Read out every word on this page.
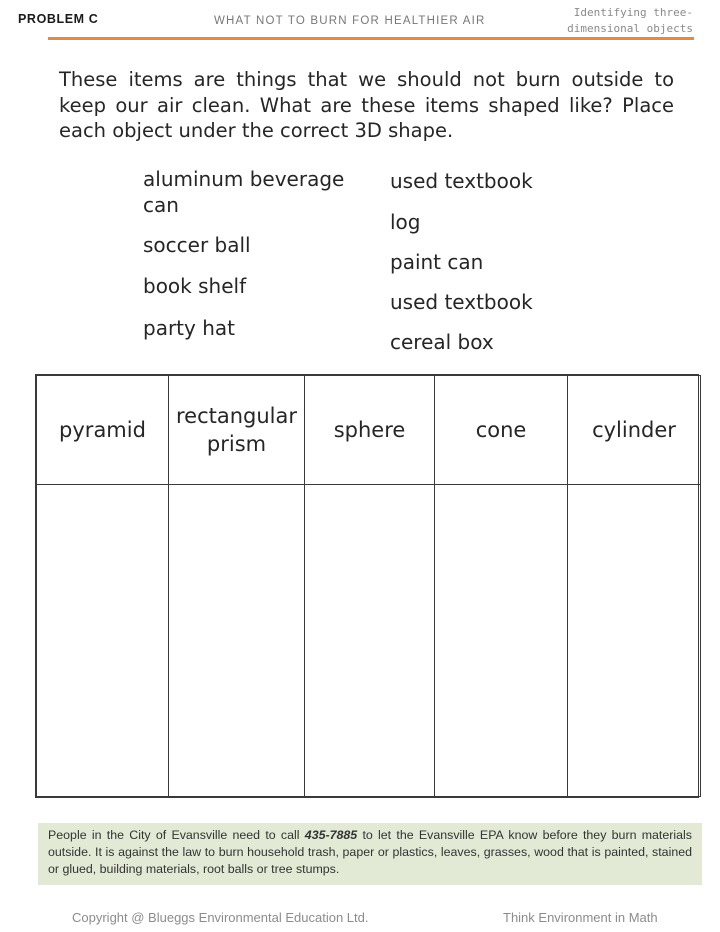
PROBLEM C	WHAT NOT TO BURN FOR HEALTHIER AIR
Identifying three-
dimensional objects

These items are things that we should not burn outside to keep our air clean. What are these items shaped like? Place each object under the correct 3D shape.

aluminum beverage can
soccer ball
book shelf
party hat
used textbook
log
paint can
used textbook
cereal box
pyramid	rectangular prism	sphere	cone	cylinder

People in the City of Evansville need to call 435-7885 to let the Evansville EPA know before they burn materials outside. It is against the law to burn household trash, paper or plastics, leaves, grasses, wood that is painted, stained or glued, building materials, root balls or tree stumps.
Copyright @ Blueggs Environmental Education Ltd.	Think Environment in Math
